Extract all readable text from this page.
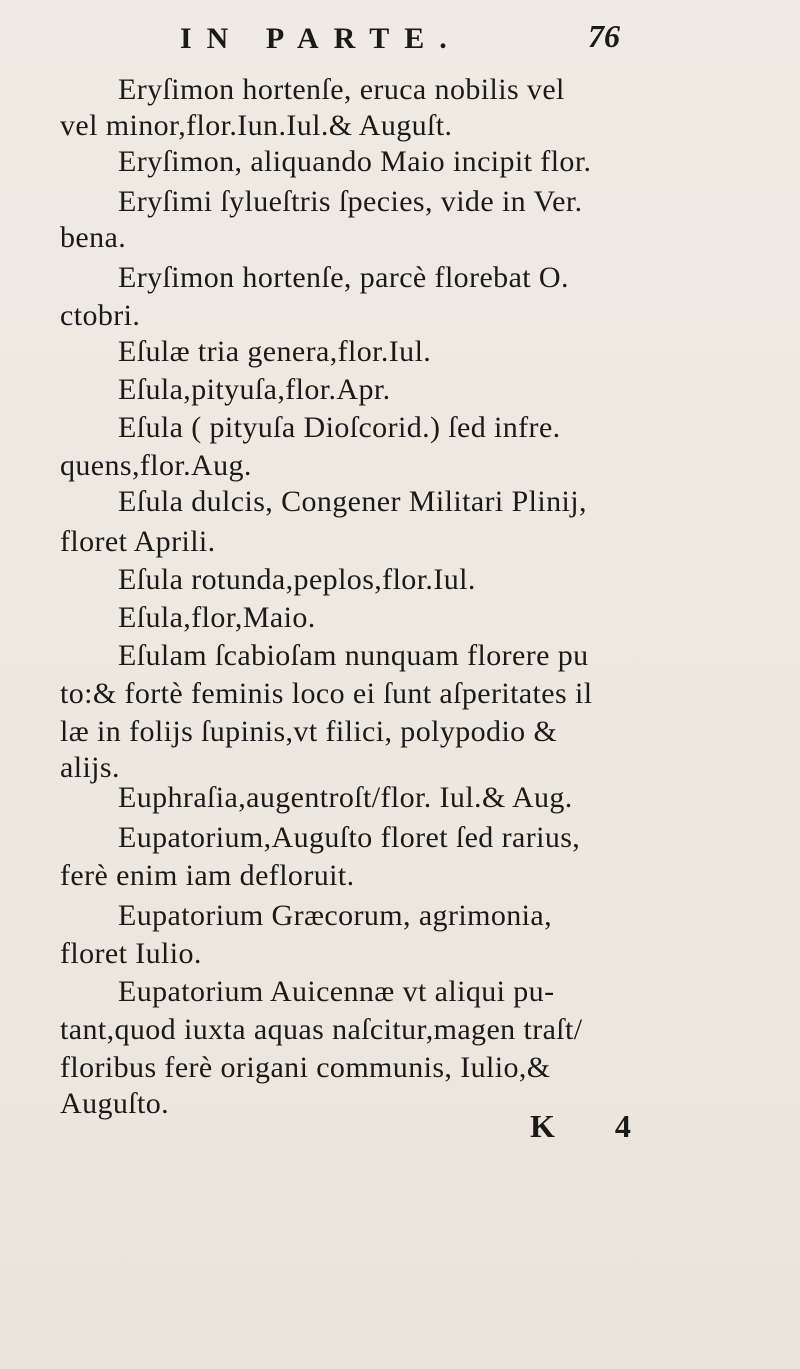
IN PARTE.	76
Eryſimon hortenſe, eruca nobilis vel
vel minor,flor.Iun.Iul.& Auguſt.
Eryſimon, aliquando Maio incipit flor.
Eryſimi ſylueſtris ſpecies, vide in Ver.
bena.
Eryſimon hortenſe, parcè florebat O.
ctobri.
Eſulæ tria genera,flor.Iul.
Eſula,pityuſa,flor.Apr.
Eſula ( pityuſa Dioſcorid.) ſed infre.
quens,flor.Aug.
Eſula dulcis, Congener Militari Plinij,
floret Aprili.
Eſula rotunda,peplos,flor.Iul.
Eſula,flor,Maio.
Eſulam ſcabioſam nunquam florere pu
to:& fortè feminis loco ei ſunt aſperitates il
læ in folijs ſupinis,vt filici, polypodio &
alijs.
Euphraſia,augentroſt/flor. Iul.& Aug.
Eupatorium,Auguſto floret ſed rarius,
ferè enim iam defloruit.
Eupatorium Græcorum, agrimonia,
floret Iulio.
Eupatorium Auicennæ vt aliqui pu-
tant,quod iuxta aquas naſcitur,magen traſt/
floribus ferè origani communis, Iulio,&
Auguſto.
K 4
